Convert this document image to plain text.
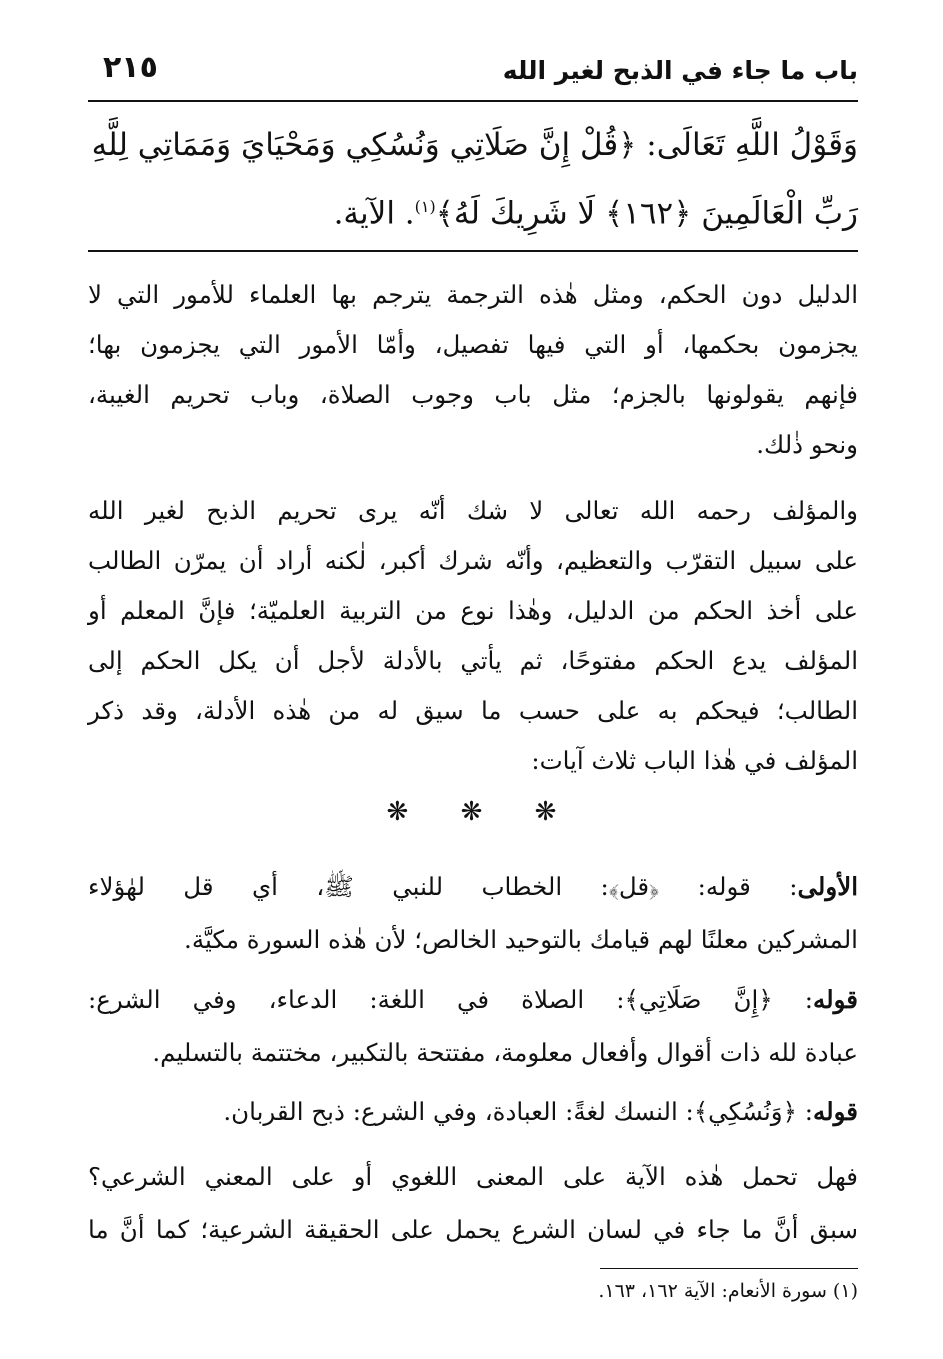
باب ما جاء في الذبح لغير الله
٢١٥

وَقَوْلُ اللَّهِ تَعَالَى: ﴿قُلْ إِنَّ صَلَاتِي وَنُسُكِي وَمَحْيَايَ وَمَمَاتِي لِلَّهِ

رَبِّ الْعَالَمِينَ ﴿١٦٢﴾ لَا شَرِيكَ لَهُ﴾$^{(١)}$. الآية.

الدليل دون الحكم، ومثل هٰذه الترجمة يترجم بها العلماء للأمور التي لا
يجزمون بحكمها، أو التي فيها تفصيل، وأمّا الأمور التي يجزمون بها؛
فإنهم يقولونها بالجزم؛ مثل باب وجوب الصلاة، وباب تحريم الغيبة،
ونحو ذٰلك.
والمؤلف رحمه الله تعالى لا شك أنّه يرى تحريم الذبح لغير الله
على سبيل التقرّب والتعظيم، وأنّه شرك أكبر، لٰكنه أراد أن يمرّن الطالب
على أخذ الحكم من الدليل، وهٰذا نوع من التربية العلميّة؛ فإنَّ المعلم أو
المؤلف يدع الحكم مفتوحًا، ثم يأتي بالأدلة لأجل أن يكل الحكم إلى
الطالب؛ فيحكم به على حسب ما سيق له من هٰذه الأدلة، وقد ذكر
المؤلف في هٰذا الباب ثلاث آيات:
❋ ❋ ❋
الأولى: قوله: ﴿قل﴾: الخطاب للنبي ﷺ، أي قل لهٰؤلاء
المشركين معلنًا لهم قيامك بالتوحيد الخالص؛ لأن هٰذه السورة مكيَّة.
قوله: ﴿إِنَّ صَلَاتِي﴾: الصلاة في اللغة: الدعاء، وفي الشرع:
عبادة لله ذات أقوال وأفعال معلومة، مفتتحة بالتكبير، مختتمة بالتسليم.
قوله: ﴿وَنُسُكِي﴾: النسك لغةً: العبادة، وفي الشرع: ذبح القربان.
فهل تحمل هٰذه الآية على المعنى اللغوي أو على المعني الشرعي؟
سبق أنَّ ما جاء في لسان الشرع يحمل على الحقيقة الشرعية؛ كما أنَّ ما
(١) سورة الأنعام: الآية ١٦٢، ١٦٣.
